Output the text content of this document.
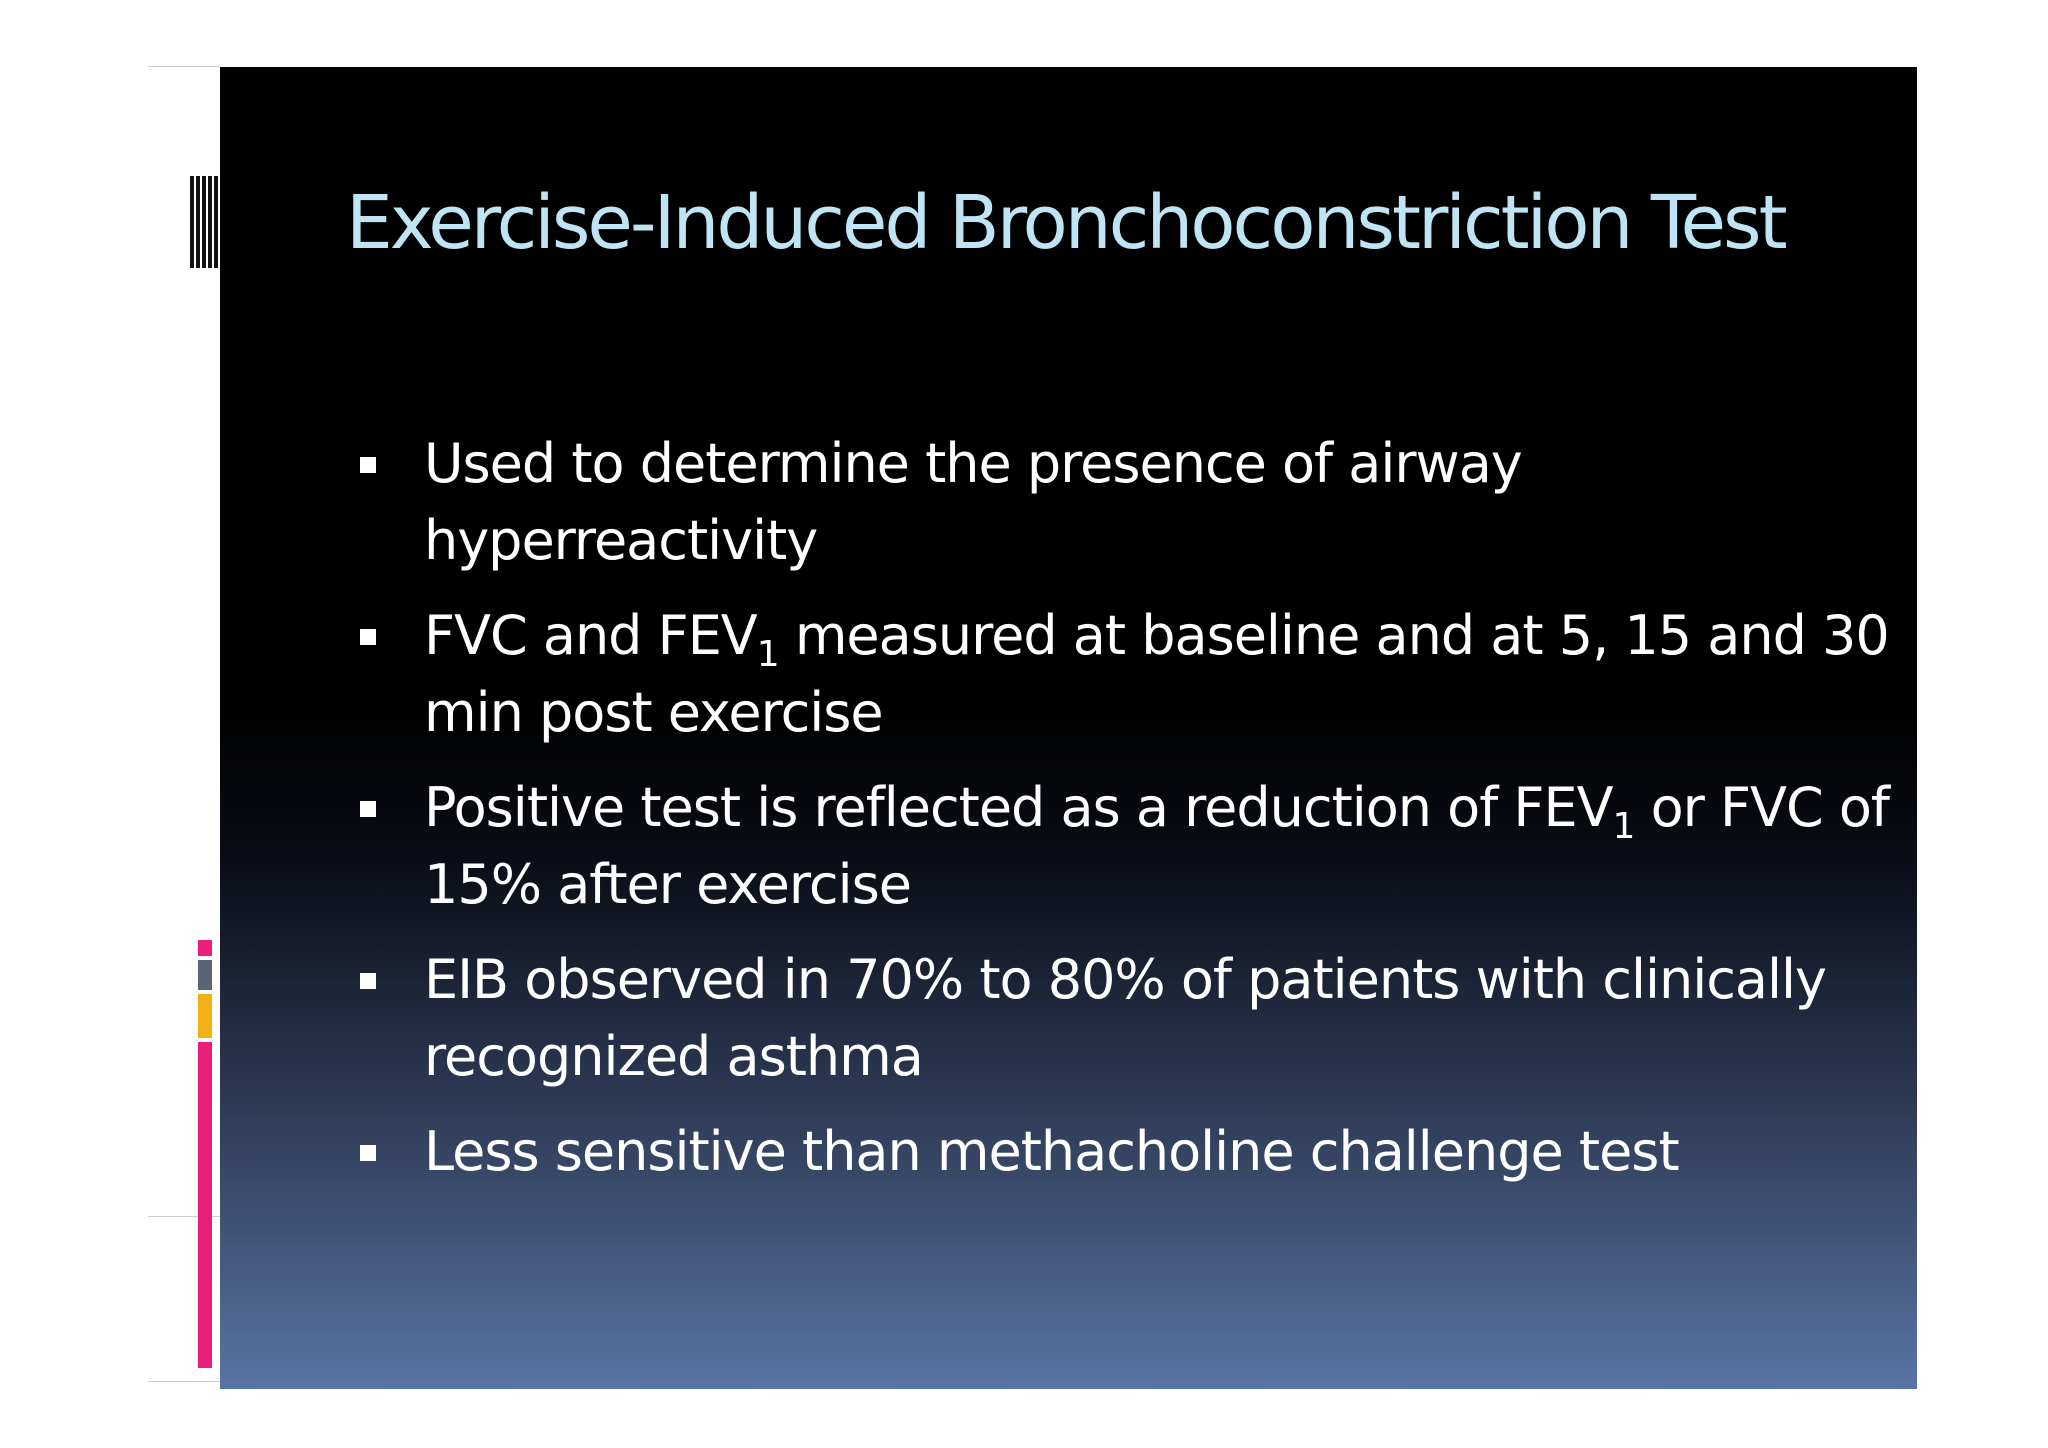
Exercise-Induced Bronchoconstriction Test
Used to determine the presence of airway hyperreactivity
FVC and $FEV_1$ measured at baseline and at 5, 15 and 30 min post exercise
Positive test is reflected as a reduction of $FEV_1$ or FVC of 15% after exercise
EIB observed in 70% to 80% of patients with clinically recognized asthma
Less sensitive than methacholine challenge test
